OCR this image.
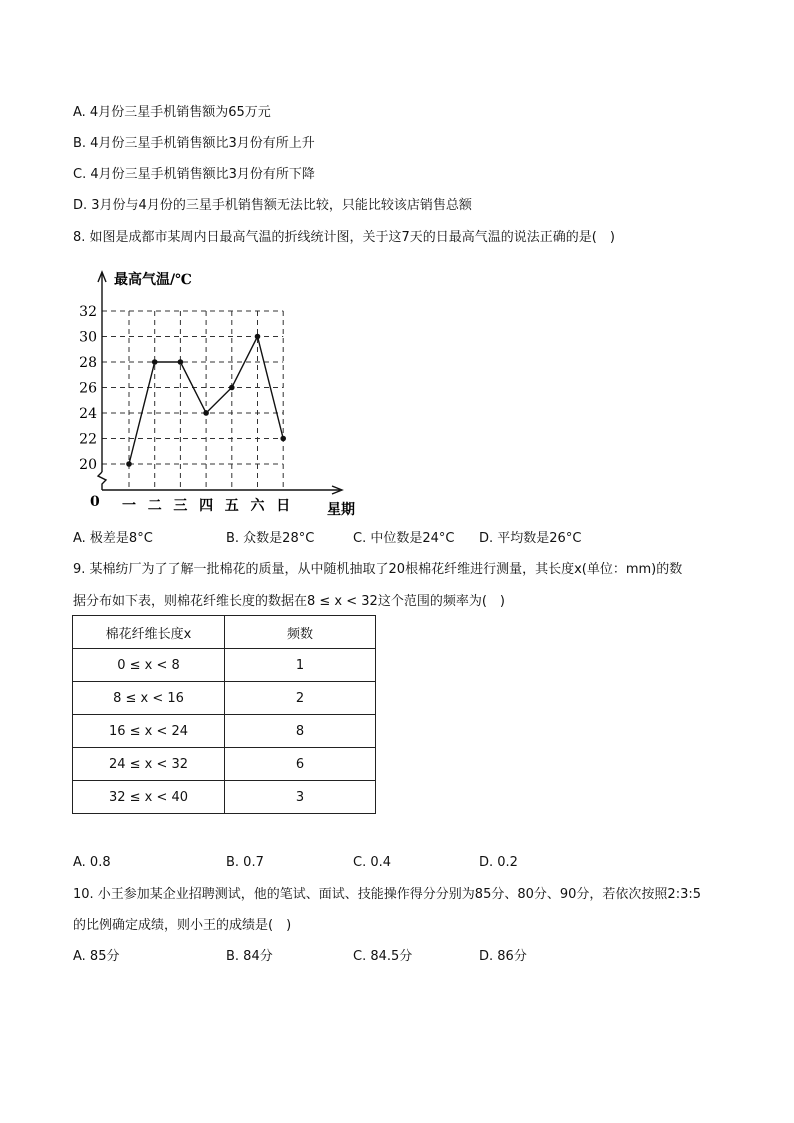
A. 4月份三星手机销售额为65万元
B. 4月份三星手机销售额比3月份有所上升
C. 4月份三星手机销售额比3月份有所下降
D. 3月份与4月份的三星手机销售额无法比较，只能比较该店销售总额
8. 如图是成都市某周内日最高气温的折线统计图，关于这7天的日最高气温的说法正确的是(　)
最高气温/℃
星期
0
20
22
24
26
28
30
32
一 二 三 四 五 六 日
A. 极差是8°C	B. 众数是28°C	C. 中位数是24°C D. 平均数是26°C
9. 某棉纺厂为了了解一批棉花的质量，从中随机抽取了20根棉花纤维进行测量，其长度x(单位：mm)的数
据分布如下表，则棉花纤维长度的数据在8 ≤ x < 32这个范围的频率为(　)
棉花纤维长度x	频数
0 ≤ x < 8	1
8 ≤ x < 16	2
16 ≤ x < 24	8
24 ≤ x < 32	6
32 ≤ x < 40	3
A. 0.8	B. 0.7	C. 0.4	D. 0.2
10. 小王参加某企业招聘测试，他的笔试、面试、技能操作得分分别为85分、80分、90分，若依次按照2:3:5
的比例确定成绩，则小王的成绩是(　)
A. 85分	B. 84分	C. 84.5分	D. 86分
